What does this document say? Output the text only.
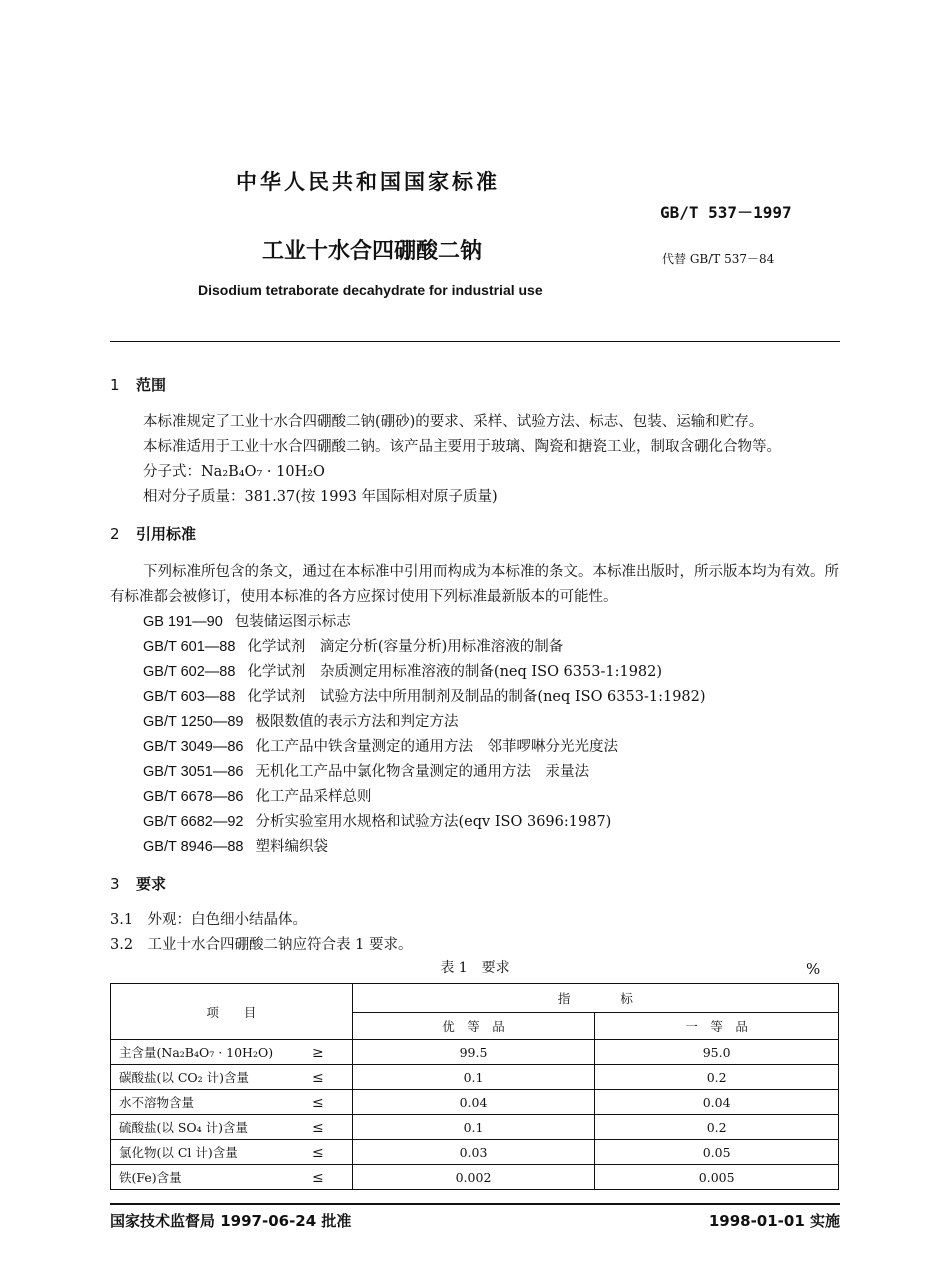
中华人民共和国国家标准
GB/T 537－1997
工业十水合四硼酸二钠	代替 GB/T 537－84
Disodium tetraborate decahydrate for industrial use
1 范围
本标准规定了工业十水合四硼酸二钠(硼砂)的要求、采样、试验方法、标志、包装、运输和贮存。
本标准适用于工业十水合四硼酸二钠。该产品主要用于玻璃、陶瓷和搪瓷工业，制取含硼化合物等。
分子式：Na₂B₄O₇ · 10H₂O
相对分子质量：381.37(按 1993 年国际相对原子质量)
2 引用标准
下列标准所包含的条文，通过在本标准中引用而构成为本标准的条文。本标准出版时，所示版本均为有效。所有标准都会被修订，使用本标准的各方应探讨使用下列标准最新版本的可能性。
GB 191—90 包装储运图示标志
GB/T 601—88 化学试剂　滴定分析(容量分析)用标准溶液的制备
GB/T 602—88 化学试剂　杂质测定用标准溶液的制备(neq ISO 6353-1:1982)
GB/T 603—88 化学试剂　试验方法中所用制剂及制品的制备(neq ISO 6353-1:1982)
GB/T 1250—89 极限数值的表示方法和判定方法
GB/T 3049—86 化工产品中铁含量测定的通用方法　邻菲啰啉分光光度法
GB/T 3051—86 无机化工产品中氯化物含量测定的通用方法　汞量法
GB/T 6678—86 化工产品采样总则
GB/T 6682—92 分析实验室用水规格和试验方法(eqv ISO 3696:1987)
GB/T 8946—88 塑料编织袋
3 要求
3.1　外观：白色细小结晶体。
3.2　工业十水合四硼酸二钠应符合表 1 要求。
表 1　要求	%
项　　目	指　　　　标	
	优　等　品	一　等　品
主含量(Na₂B₄O₇ · 10H₂O) ≥	99.5	95.0
碳酸盐(以 CO₂ 计)含量 ≤	0.1	0.2
水不溶物含量 ≤	0.04	0.04
硫酸盐(以 SO₄ 计)含量 ≤	0.1	0.2
氯化物(以 Cl 计)含量 ≤	0.03	0.05
铁(Fe)含量 ≤	0.002	0.005
国家技术监督局 1997-06-24 批准	1998-01-01 实施
